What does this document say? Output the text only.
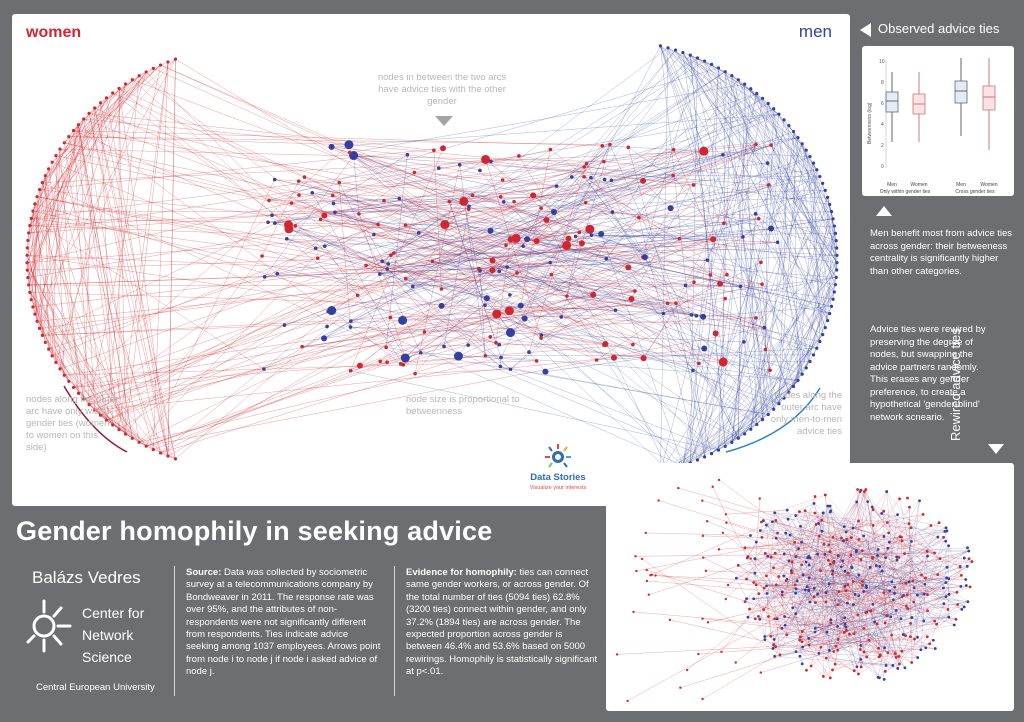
women	men
nodes in between the two arcs have advice ties with the other gender
nodes along the outer arc have only within-gender ties (women to women on this side)
node size is proportional to betweenness
nodes along the outer arc have only men-to-men advice ties
Data Stories
Visualize your interests
Observed advice ties
Betweenness (log)
10
8
6
4
2
0
Men	Women	Men	Women
Only within gender ties	Cross gender ties
Men benefit most from advice ties across gender: their betweeness centrality is significantly higher than other categories.
Advice ties were rewired by preserving the degree of nodes, but swapping the advice partners randomly. This erases any gender preference, to create a hypothetical 'gender-blind' network scneario. Rewired advice ties
Gender homophily in seeking advice
Balázs Vedres
Center for
Network
Science
Central European University
Source: Data was collected by sociometric survey at a telecommunications company by Bondweaver in 2011. The response rate was over 95%, and the attributes of non-respondents were not significantly different from respondents. Ties indicate advice seeking among 1037 employees. Arrows point from node i to node j if node i asked advice of node j.
Evidence for homophily: ties can connect same gender workers, or across gender. Of the total number of ties (5094 ties) 62.8% (3200 ties) connect within gender, and only 37.2% (1894 ties) are across gender. The expected proportion across gender is between 46.4% and 53.6% based on 5000 rewirings. Homophily is statistically significant at p<.01.
